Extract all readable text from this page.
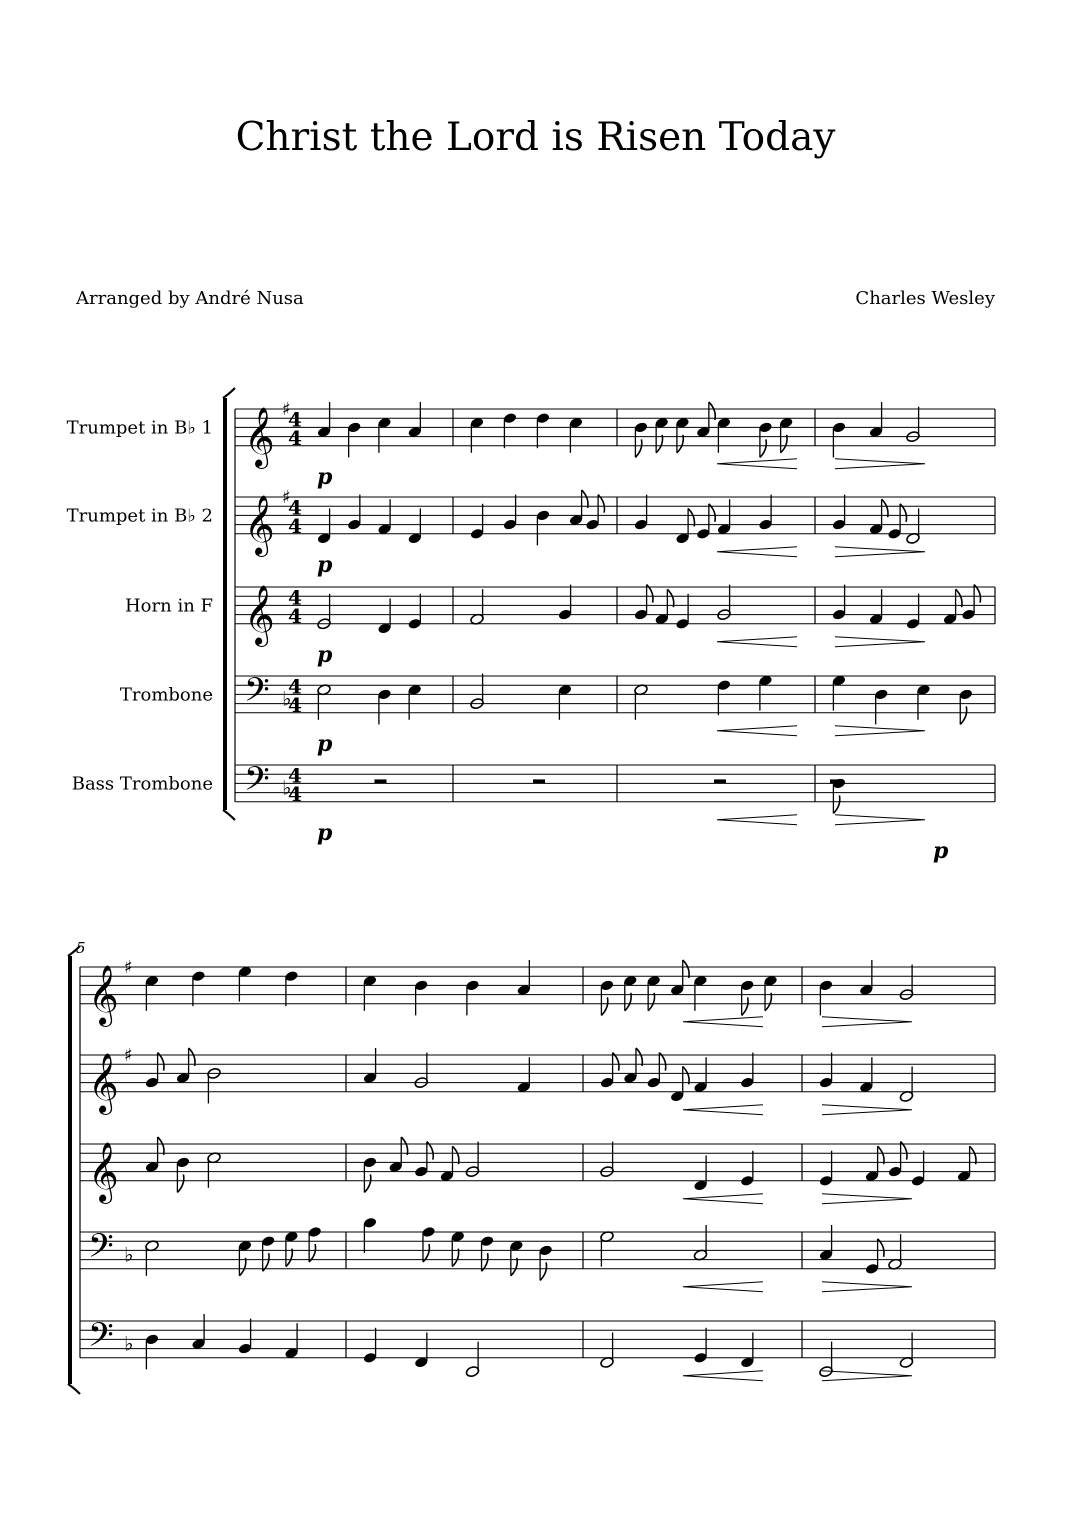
Christ the Lord is Risen Today
Arranged by André Nusa	Charles Wesley
Trumpet in B♭ 1 𝄞 ♯
4
4
p
Trumpet in B♭ 2 𝄞 ♯
4
4
p
Horn in F 𝄞 4
4
p
Trombone 𝄢 ♭
4
4
p
Bass Trombone 𝄢 ♭
4
4
p
p
5
𝄞 ♯
𝄞 ♯
𝄞
𝄢 ♭
𝄢 ♭
